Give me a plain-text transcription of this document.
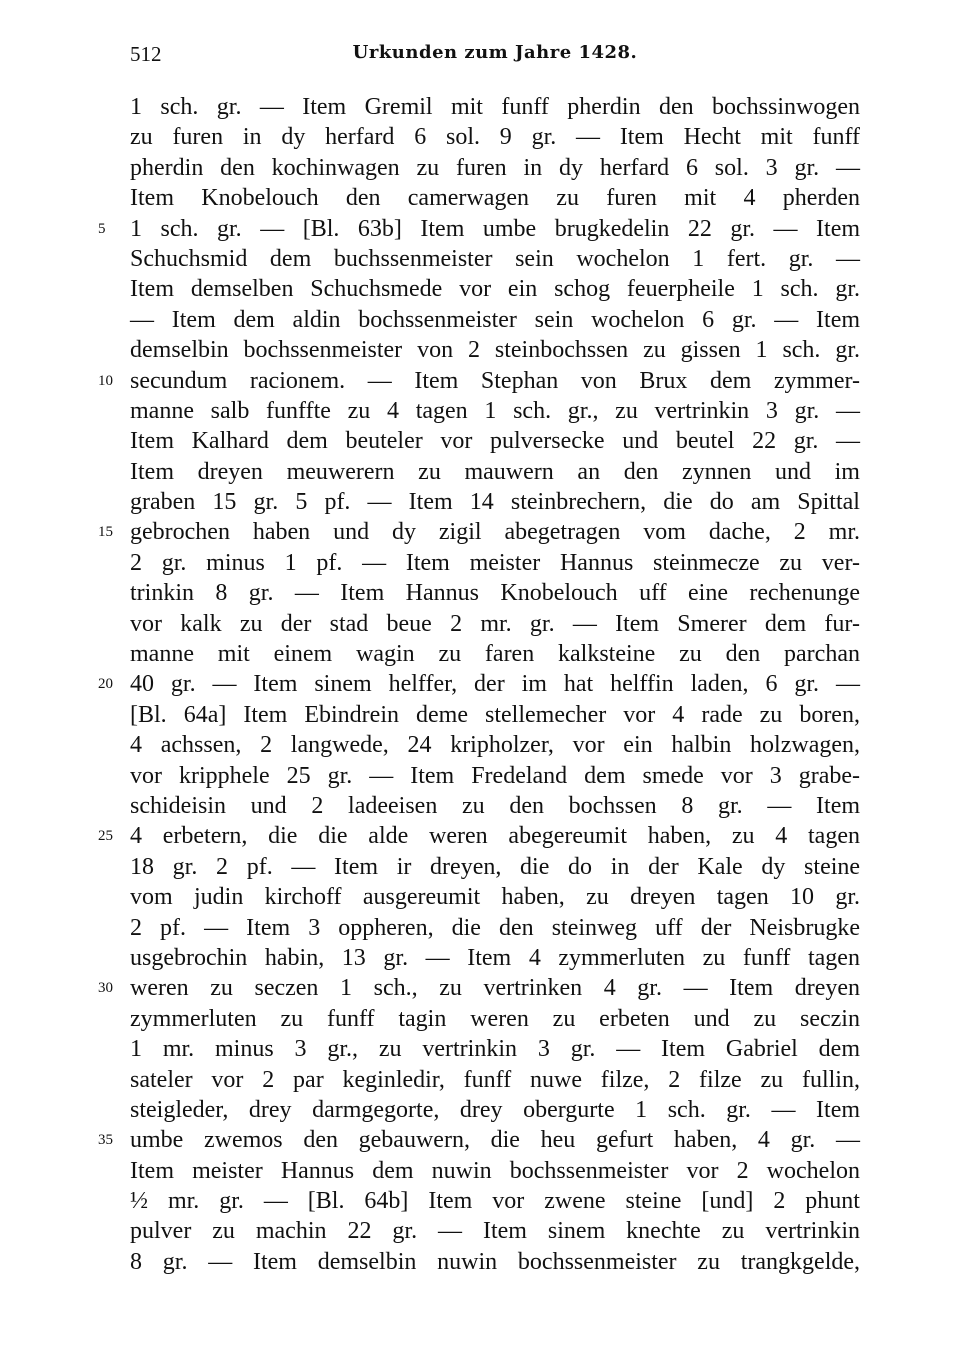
512	Urkunden zum Jahre 1428.
1 sch. gr. — Item Gremil mit funff pherdin den bochssinwogen
zu furen in dy herfard 6 sol. 9 gr. — Item Hecht mit funff
pherdin den kochinwagen zu furen in dy herfard 6 sol. 3 gr. —
Item Knobelouch den camerwagen zu furen mit 4 pherden
5	1 sch. gr. — [Bl. 63b] Item umbe brugkedelin 22 gr. — Item
Schuchsmid dem buchssenmeister sein wochelon 1 fert. gr. —
Item demselben Schuchsmede vor ein schog feuerpheile 1 sch. gr.
— Item dem aldin bochssenmeister sein wochelon 6 gr. — Item
demselbin bochssenmeister von 2 steinbochssen zu gissen 1 sch. gr.
10 secundum racionem. — Item Stephan von Brux dem zymmer-
manne salb funffte zu 4 tagen 1 sch. gr., zu vertrinkin 3 gr. —
Item Kalhard dem beuteler vor pulversecke und beutel 22 gr. —
Item dreyen meuwerern zu mauwern an den zynnen und im
graben 15 gr. 5 pf. — Item 14 steinbrechern, die do am Spittal
15 gebrochen haben und dy zigil abegetragen vom dache, 2 mr.
2 gr. minus 1 pf. — Item meister Hannus steinmecze zu ver-
trinkin 8 gr. — Item Hannus Knobelouch uff eine rechenunge
vor kalk zu der stad beue 2 mr. gr. — Item Smerer dem fur-
manne mit einem wagin zu faren kalksteine zu den parchan
20 40 gr. — Item sinem helffer, der im hat helffin laden, 6 gr. —
[Bl. 64a] Item Ebindrein deme stellemecher vor 4 rade zu boren,
4 achssen, 2 langwede, 24 kripholzer, vor ein halbin holzwagen,
vor kripphele 25 gr. — Item Fredeland dem smede vor 3 grabe-
schideisin und 2 ladeeisen zu den bochssen 8 gr. — Item
25 4 erbetern, die die alde weren abegereumit haben, zu 4 tagen
18 gr. 2 pf. — Item ir dreyen, die do in der Kale dy steine
vom judin kirchoff ausgereumit haben, zu dreyen tagen 10 gr.
2 pf. — Item 3 oppheren, die den steinweg uff der Neisbrugke
usgebrochin habin, 13 gr. — Item 4 zymmerluten zu funff tagen
30 weren zu seczen 1 sch., zu vertrinken 4 gr. — Item dreyen
zymmerluten zu funff tagin weren zu erbeten und zu seczin
1 mr. minus 3 gr., zu vertrinkin 3 gr. — Item Gabriel dem
sateler vor 2 par keginledir, funff nuwe filze, 2 filze zu fullin,
steigleder, drey darmgegorte, drey obergurte 1 sch. gr. — Item
35 umbe zwemos den gebauwern, die heu gefurt haben, 4 gr. —
Item meister Hannus dem nuwin bochssenmeister vor 2 wochelon
½ mr. gr. — [Bl. 64b] Item vor zwene steine [und] 2 phunt
pulver zu machin 22 gr. — Item sinem knechte zu vertrinkin
8 gr. — Item demselbin nuwin bochssenmeister zu trangkgelde,
